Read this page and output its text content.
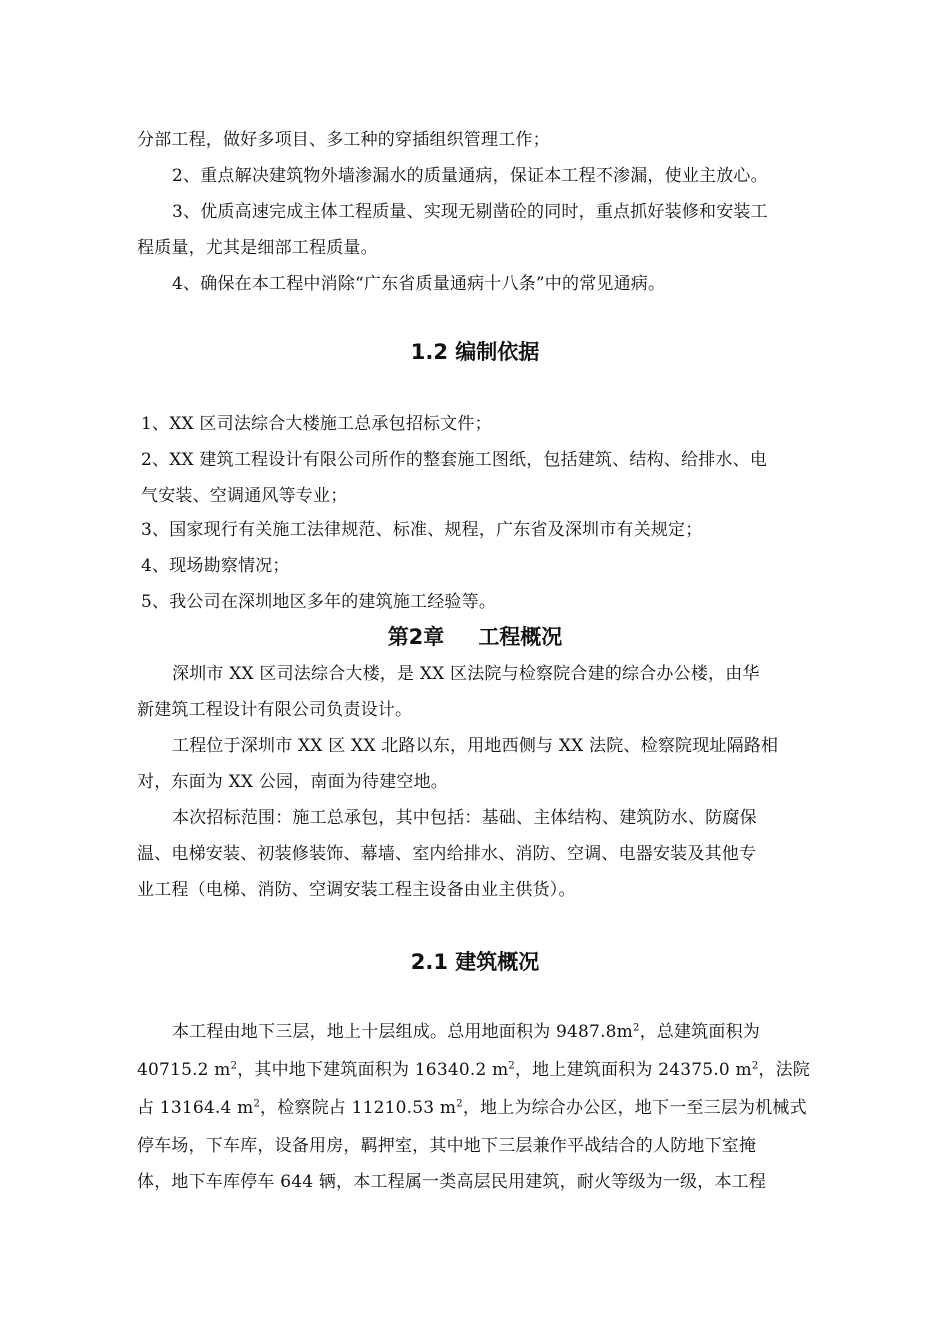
分部工程，做好多项目、多工种的穿插组织管理工作；
2、重点解决建筑物外墙渗漏水的质量通病，保证本工程不渗漏，使业主放心。
3、优质高速完成主体工程质量、实现无剔凿砼的同时，重点抓好装修和安装工
程质量，尤其是细部工程质量。
4、确保在本工程中消除“广东省质量通病十八条”中的常见通病。
1.2 编制依据
1、XX 区司法综合大楼施工总承包招标文件；
2、XX 建筑工程设计有限公司所作的整套施工图纸，包括建筑、结构、给排水、电
气安装、空调通风等专业；
3、国家现行有关施工法律规范、标准、规程，广东省及深圳市有关规定；
4、现场勘察情况；
5、我公司在深圳地区多年的建筑施工经验等。
第2章 工程概况
深圳市 XX 区司法综合大楼，是 XX 区法院与检察院合建的综合办公楼，由华
新建筑工程设计有限公司负责设计。
工程位于深圳市 XX 区 XX 北路以东，用地西侧与 XX 法院、检察院现址隔路相
对，东面为 XX 公园，南面为待建空地。
本次招标范围：施工总承包，其中包括：基础、主体结构、建筑防水、防腐保
温、电梯安装、初装修装饰、幕墙、室内给排水、消防、空调、电器安装及其他专
业工程（电梯、消防、空调安装工程主设备由业主供货）。
2.1 建筑概况
本工程由地下三层，地上十层组成。总用地面积为 $9487.8m^2$，总建筑面积为
40715.2 $m^2$，其中地下建筑面积为 16340.2 $m^2$，地上建筑面积为 24375.0 $m^2$，法院
占 13164.4 $m^2$，检察院占 11210.53 $m^2$，地上为综合办公区，地下一至三层为机械式
停车场，下车库，设备用房，羁押室，其中地下三层兼作平战结合的人防地下室掩
体，地下车库停车 644 辆，本工程属一类高层民用建筑，耐火等级为一级，本工程
